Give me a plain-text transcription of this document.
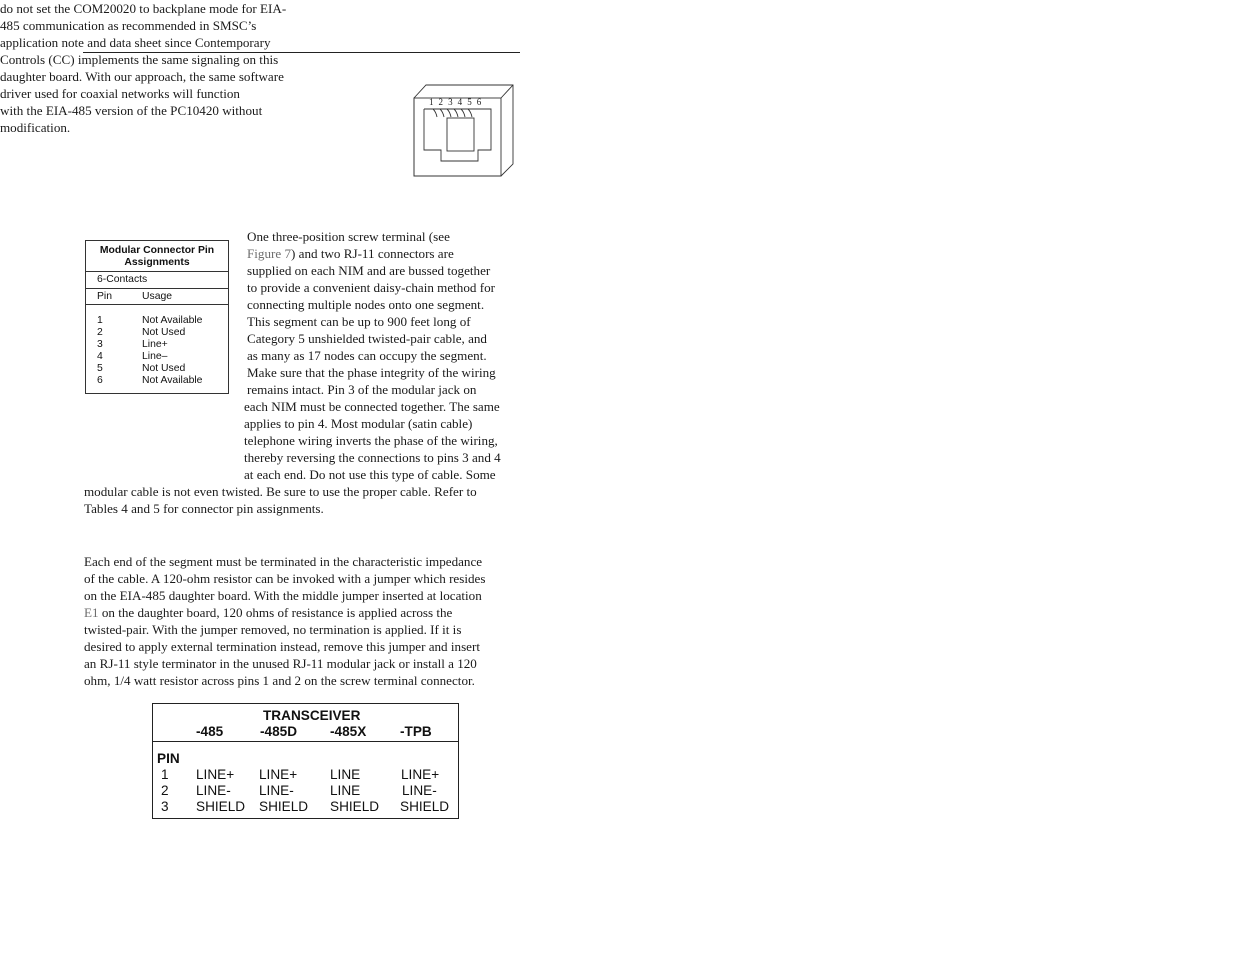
do not set the COM20020 to backplane mode for EIA-
485 communication as recommended in SMSC’s
application note and data sheet since Contemporary
Controls (CC) implements the same signaling on this
daughter board. With our approach, the same software
driver used for coaxial networks will function
with the EIA-485 version of the PC10420 without
modification.
1 2 3 4 5 6
Modular Connector Pin
Assignments
6-Contacts
Pin	Usage
1	Not Available
2	Not Used
3	Line+
4	Line–
5	Not Used
6	Not Available
One three-position screw terminal (see
Figure 7) and two RJ-11 connectors are
supplied on each NIM and are bussed together
to provide a convenient daisy-chain method for
connecting multiple nodes onto one segment.
This segment can be up to 900 feet long of
Category 5 unshielded twisted-pair cable, and
as many as 17 nodes can occupy the segment.
Make sure that the phase integrity of the wiring
remains intact. Pin 3 of the modular jack on
each NIM must be connected together. The same
applies to pin 4. Most modular (satin cable)
telephone wiring inverts the phase of the wiring,
thereby reversing the connections to pins 3 and 4
at each end. Do not use this type of cable. Some
modular cable is not even twisted. Be sure to use the proper cable. Refer to
Tables 4 and 5 for connector pin assignments.
Each end of the segment must be terminated in the characteristic impedance
of the cable. A 120-ohm resistor can be invoked with a jumper which resides
on the EIA-485 daughter board. With the middle jumper inserted at location
E1 on the daughter board, 120 ohms of resistance is applied across the
twisted-pair. With the jumper removed, no termination is applied. If it is
desired to apply external termination instead, remove this jumper and insert
an RJ-11 style terminator in the unused RJ-11 modular jack or install a 120
ohm, 1/4 watt resistor across pins 1 and 2 on the screw terminal connector.
TRANSCEIVER
-485	-485D -485X -TPB
PIN
1 LINE+ LINE+ LINE	LINE+
2 LINE- LINE-	LINE	LINE-
3 SHIELD SHIELD SHIELD SHIELD
